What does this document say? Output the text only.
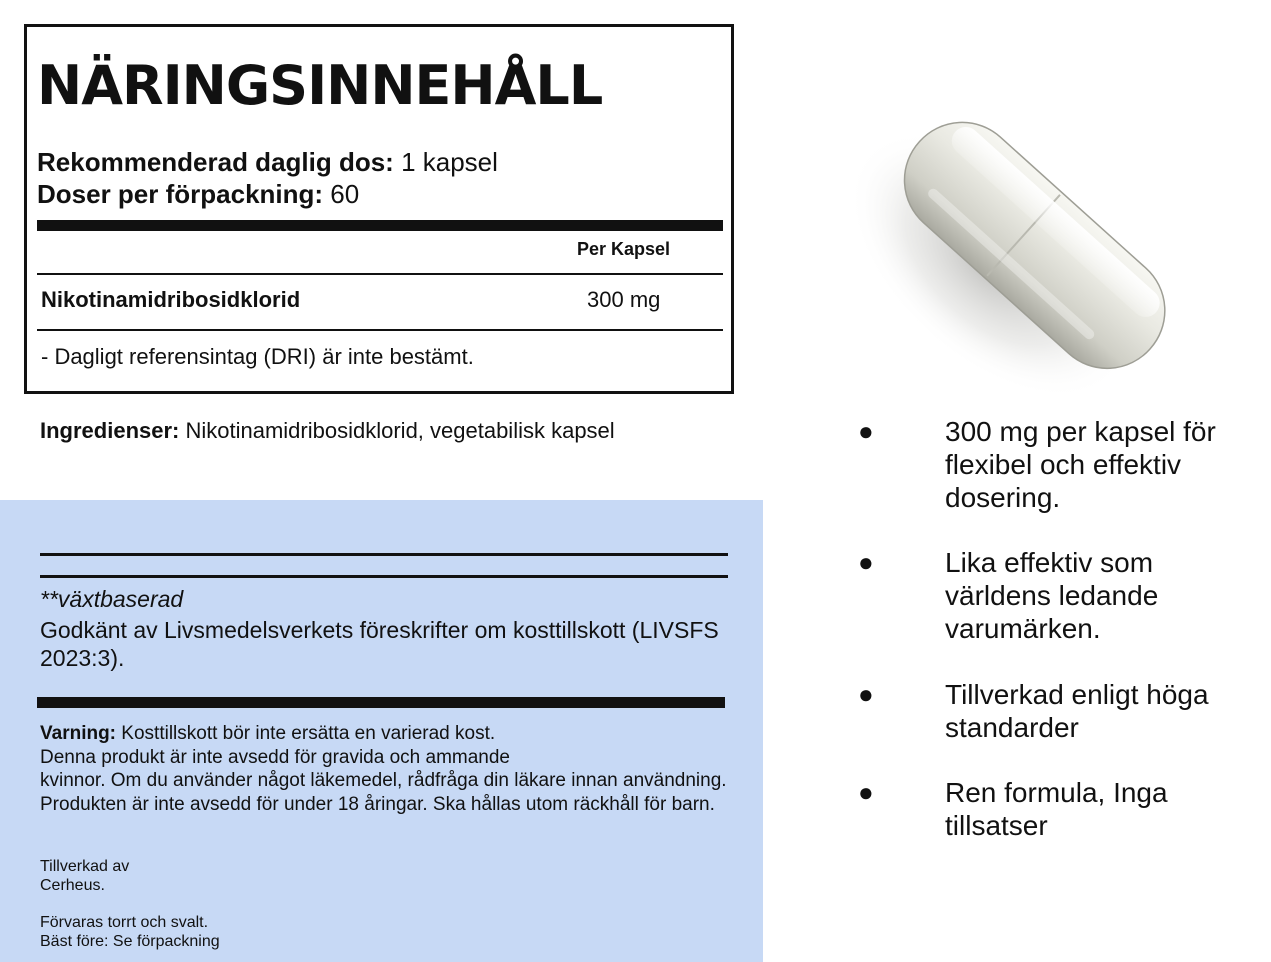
NÄRINGSINNEHÅLL
Rekommenderad daglig dos: 1 kapsel
Doser per förpackning: 60
Per Kapsel
Nikotinamidribosidklorid	300 mg
- Dagligt referensintag (DRI) är inte bestämt.
Ingredienser: Nikotinamidribosidklorid, vegetabilisk kapsel
**växtbaserad
Godkänt av Livsmedelsverkets föreskrifter om kosttillskott (LIVSFS 2023:3).
Varning: Kosttillskott bör inte ersätta en varierad kost.
Denna produkt är inte avsedd för gravida och ammande
kvinnor. Om du använder något läkemedel, rådfråga din läkare innan användning. Produkten är inte avsedd för under 18 åringar. Ska hållas utom räckhåll för barn.
Tillverkad av
Cerheus.
Förvaras torrt och svalt.
Bäst före: Se förpackning
●	300 mg per kapsel för flexibel och effektiv dosering.
●	Lika effektiv som världens ledande varumärken.
●	Tillverkad enligt höga standarder
●	Ren formula, Inga tillsatser
